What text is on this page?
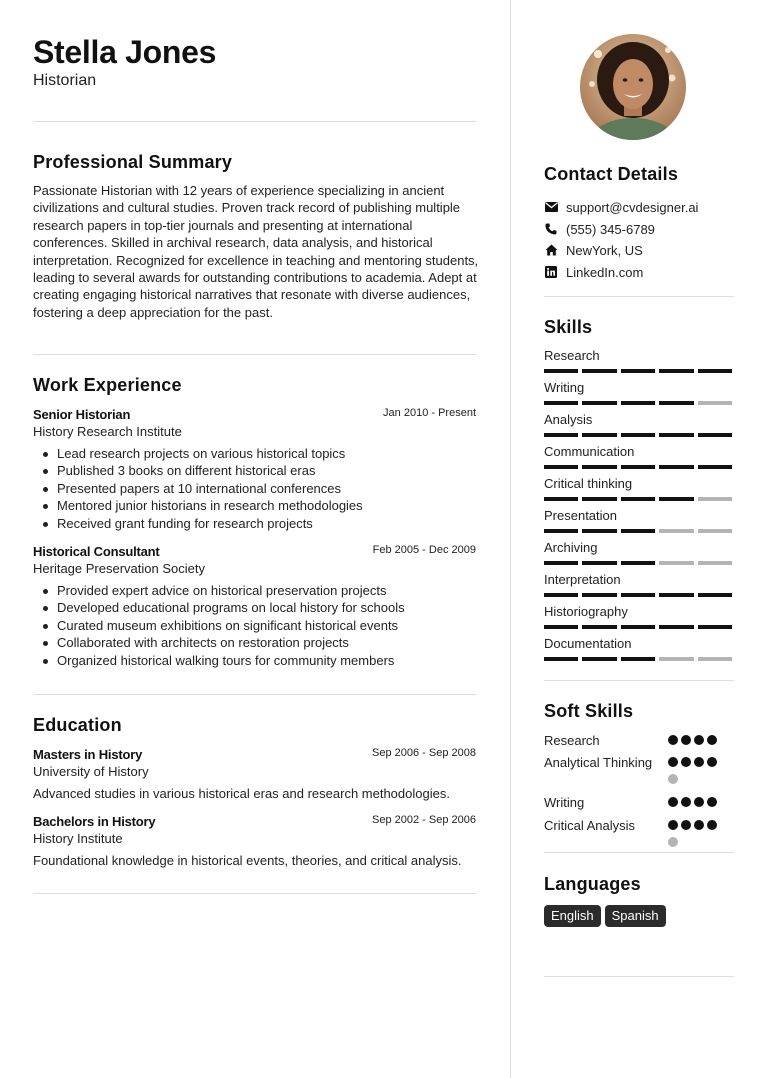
Stella Jones
Historian
Professional Summary
Passionate Historian with 12 years of experience specializing in ancient civilizations and cultural studies. Proven track record of publishing multiple research papers in top-tier journals and presenting at international conferences. Skilled in archival research, data analysis, and historical interpretation. Recognized for excellence in teaching and mentoring students, leading to several awards for outstanding contributions to academia. Adept at creating engaging historical narratives that resonate with diverse audiences, fostering a deep appreciation for the past.
Work Experience
Senior Historian	Jan 2010 - Present
History Research Institute
Lead research projects on various historical topics
Published 3 books on different historical eras
Presented papers at 10 international conferences
Mentored junior historians in research methodologies
Received grant funding for research projects
Historical Consultant	Feb 2005 - Dec 2009
Heritage Preservation Society
Provided expert advice on historical preservation projects
Developed educational programs on local history for schools
Curated museum exhibitions on significant historical events
Collaborated with architects on restoration projects
Organized historical walking tours for community members
Education
Masters in History	Sep 2006 - Sep 2008
University of History
Advanced studies in various historical eras and research methodologies.
Bachelors in History	Sep 2002 - Sep 2006
History Institute
Foundational knowledge in historical events, theories, and critical analysis.
Contact Details
support@cvdesigner.ai
(555) 345-6789
NewYork, US
LinkedIn.com
Skills
Research
Writing
Analysis
Communication
Critical thinking
Presentation
Archiving
Interpretation
Historiography
Documentation
Soft Skills
Research
Analytical Thinking
Writing
Critical Analysis
Languages
English	Spanish
